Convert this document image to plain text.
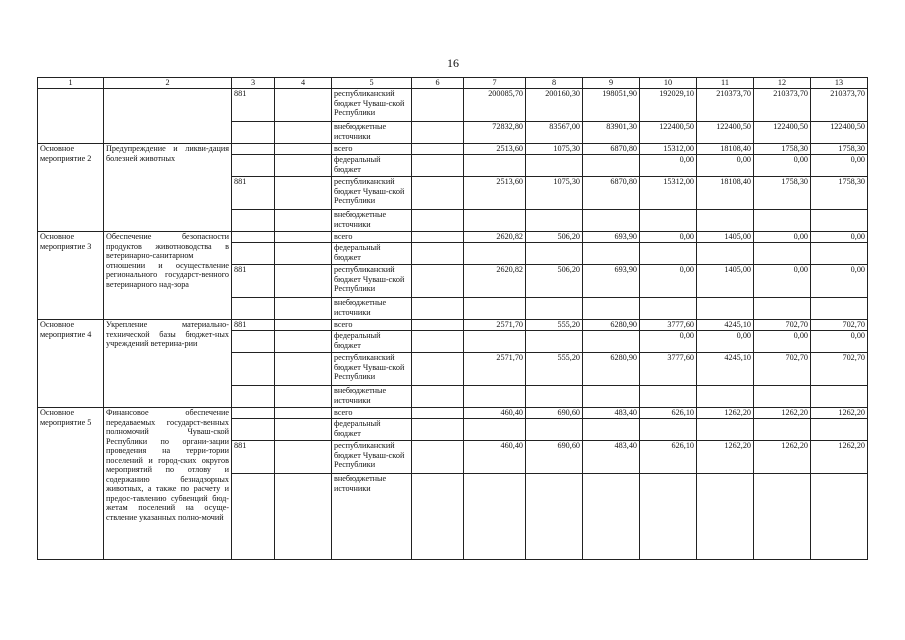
16
1	2	3	4	5	6	7	8	9	10	11	12	13
		881		республиканский бюджет Чуваш-ской Республики		200085,70	200160,30	198051,90	192029,10	210373,70	210373,70	210373,70
				внебюджетные источники		72832,80	83567,00	83901,30	122400,50	122400,50	122400,50	122400,50
Основное мероприятие 2	Предупреждение и ликви-дация болезней животных			всего		2513,60	1075,30	6870,80	15312,00	18108,40	1758,30	1758,30
				федеральный бюджет					0,00	0,00	0,00	0,00
		881		республиканский бюджет Чуваш-ской Республики		2513,60	1075,30	6870,80	15312,00	18108,40	1758,30	1758,30
				внебюджетные источники								
Основное мероприятие 3	Обеспечение безопасности продуктов животноводства в ветеринарно-санитарном отношении и осуществление регионального государст-венного ветеринарного над-зора			всего		2620,82	506,20	693,90	0,00	1405,00	0,00	0,00
				федеральный бюджет								
		881		республиканский бюджет Чуваш-ской Республики		2620,82	506,20	693,90	0,00	1405,00	0,00	0,00
				внебюджетные источники								
Основное мероприятие 4	Укрепление материально-технической базы бюджет-ных учреждений ветерина-рии	881		всего		2571,70	555,20	6280,90	3777,60	4245,10	702,70	702,70
				федеральный бюджет					0,00	0,00	0,00	0,00
				республиканский бюджет Чуваш-ской Республики		2571,70	555,20	6280,90	3777,60	4245,10	702,70	702,70
				внебюджетные источники								
Основное мероприятие 5	Финансовое обеспечение передаваемых государст-венных полномочий Чуваш-ской Республики по органи-зации проведения на терри-тории поселений и город-ских округов мероприятий по отлову и содержанию безнадзорных животных, а также по расчету и предос-тавлению субвенций бюд-жетам поселений на осуще-ствление указанных полно-мочий			всего		460,40	690,60	483,40	626,10	1262,20	1262,20	1262,20
				федеральный бюджет								
		881		республиканский бюджет Чуваш-ской Республики		460,40	690,60	483,40	626,10	1262,20	1262,20	1262,20
				внебюджетные источники								
